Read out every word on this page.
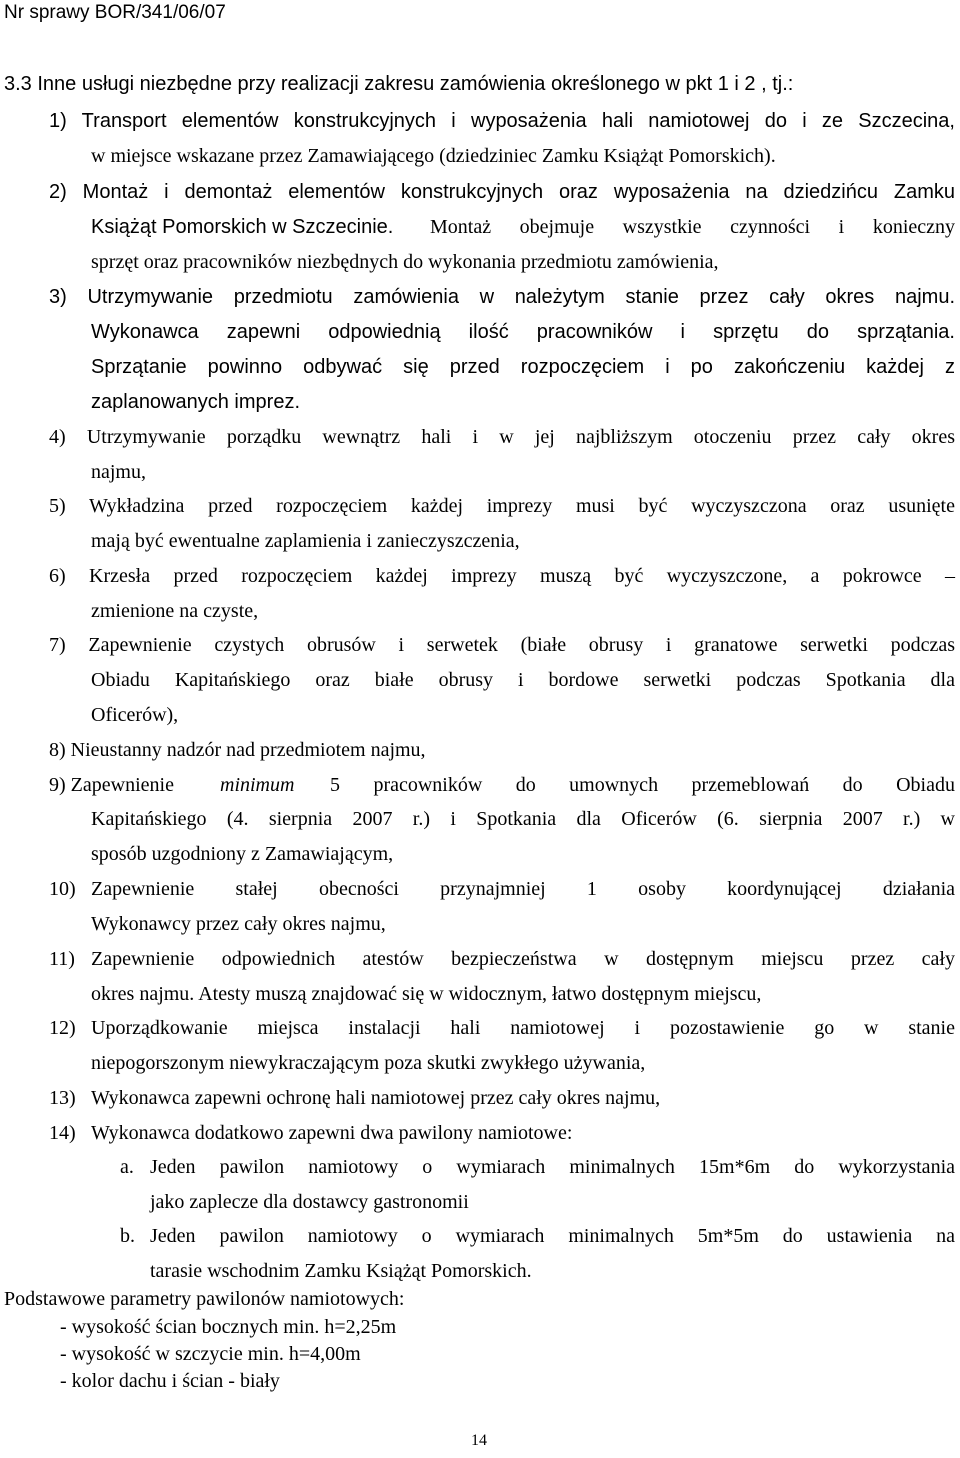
Nr sprawy BOR/341/06/07
3.3 Inne usługi niezbędne przy realizacji zakresu zamówienia określonego w pkt 1 i 2 , tj.:
1) Transport elementów konstrukcyjnych i wyposażenia hali namiotowej do i ze Szczecina,
w miejsce wskazane przez Zamawiającego (dziedziniec Zamku Książąt Pomorskich).
2) Montaż i demontaż elementów konstrukcyjnych oraz wyposażenia na dziedzińcu Zamku
Książąt Pomorskich w Szczecinie. Montaż obejmuje wszystkie czynności i konieczny
sprzęt oraz pracowników niezbędnych do wykonania przedmiotu zamówienia,
3) Utrzymywanie przedmiotu zamówienia w należytym stanie przez cały okres najmu.
Wykonawca zapewni odpowiednią ilość pracowników i sprzętu do sprzątania.
Sprzątanie powinno odbywać się przed rozpoczęciem i po zakończeniu każdej z
zaplanowanych imprez.
4) Utrzymywanie porządku wewnątrz hali i w jej najbliższym otoczeniu przez cały okres
najmu,
5) Wykładzina przed rozpoczęciem każdej imprezy musi być wyczyszczona oraz usunięte
mają być ewentualne zaplamienia i zanieczyszczenia,
6) Krzesła przed rozpoczęciem każdej imprezy muszą być wyczyszczone, a pokrowce –
zmienione na czyste,
7) Zapewnienie czystych obrusów i serwetek (białe obrusy i granatowe serwetki podczas
Obiadu Kapitańskiego oraz białe obrusy i bordowe serwetki podczas Spotkania dla
Oficerów),
8) Nieustanny nadzór nad przedmiotem najmu,
9) Zapewnienie minimum 5 pracowników do umownych przemeblowań do Obiadu
Kapitańskiego (4. sierpnia 2007 r.) i Spotkania dla Oficerów (6. sierpnia 2007 r.) w
sposób uzgodniony z Zamawiającym,
10) Zapewnienie stałej obecności przynajmniej 1 osoby koordynującej działania
Wykonawcy przez cały okres najmu,
11) Zapewnienie odpowiednich atestów bezpieczeństwa w dostępnym miejscu przez cały
okres najmu. Atesty muszą znajdować się w widocznym, łatwo dostępnym miejscu,
12) Uporządkowanie miejsca instalacji hali namiotowej i pozostawienie go w stanie
niepogorszonym niewykraczającym poza skutki zwykłego używania,
13) Wykonawca zapewni ochronę hali namiotowej przez cały okres najmu,
14) Wykonawca dodatkowo zapewni dwa pawilony namiotowe:
a. Jeden pawilon namiotowy o wymiarach minimalnych 15m*6m do wykorzystania
jako zaplecze dla dostawcy gastronomii
b. Jeden pawilon namiotowy o wymiarach minimalnych 5m*5m do ustawienia na
tarasie wschodnim Zamku Książąt Pomorskich.
Podstawowe parametry pawilonów namiotowych:
- wysokość ścian bocznych min. h=2,25m
- wysokość w szczycie min. h=4,00m
- kolor dachu i ścian - biały
14
